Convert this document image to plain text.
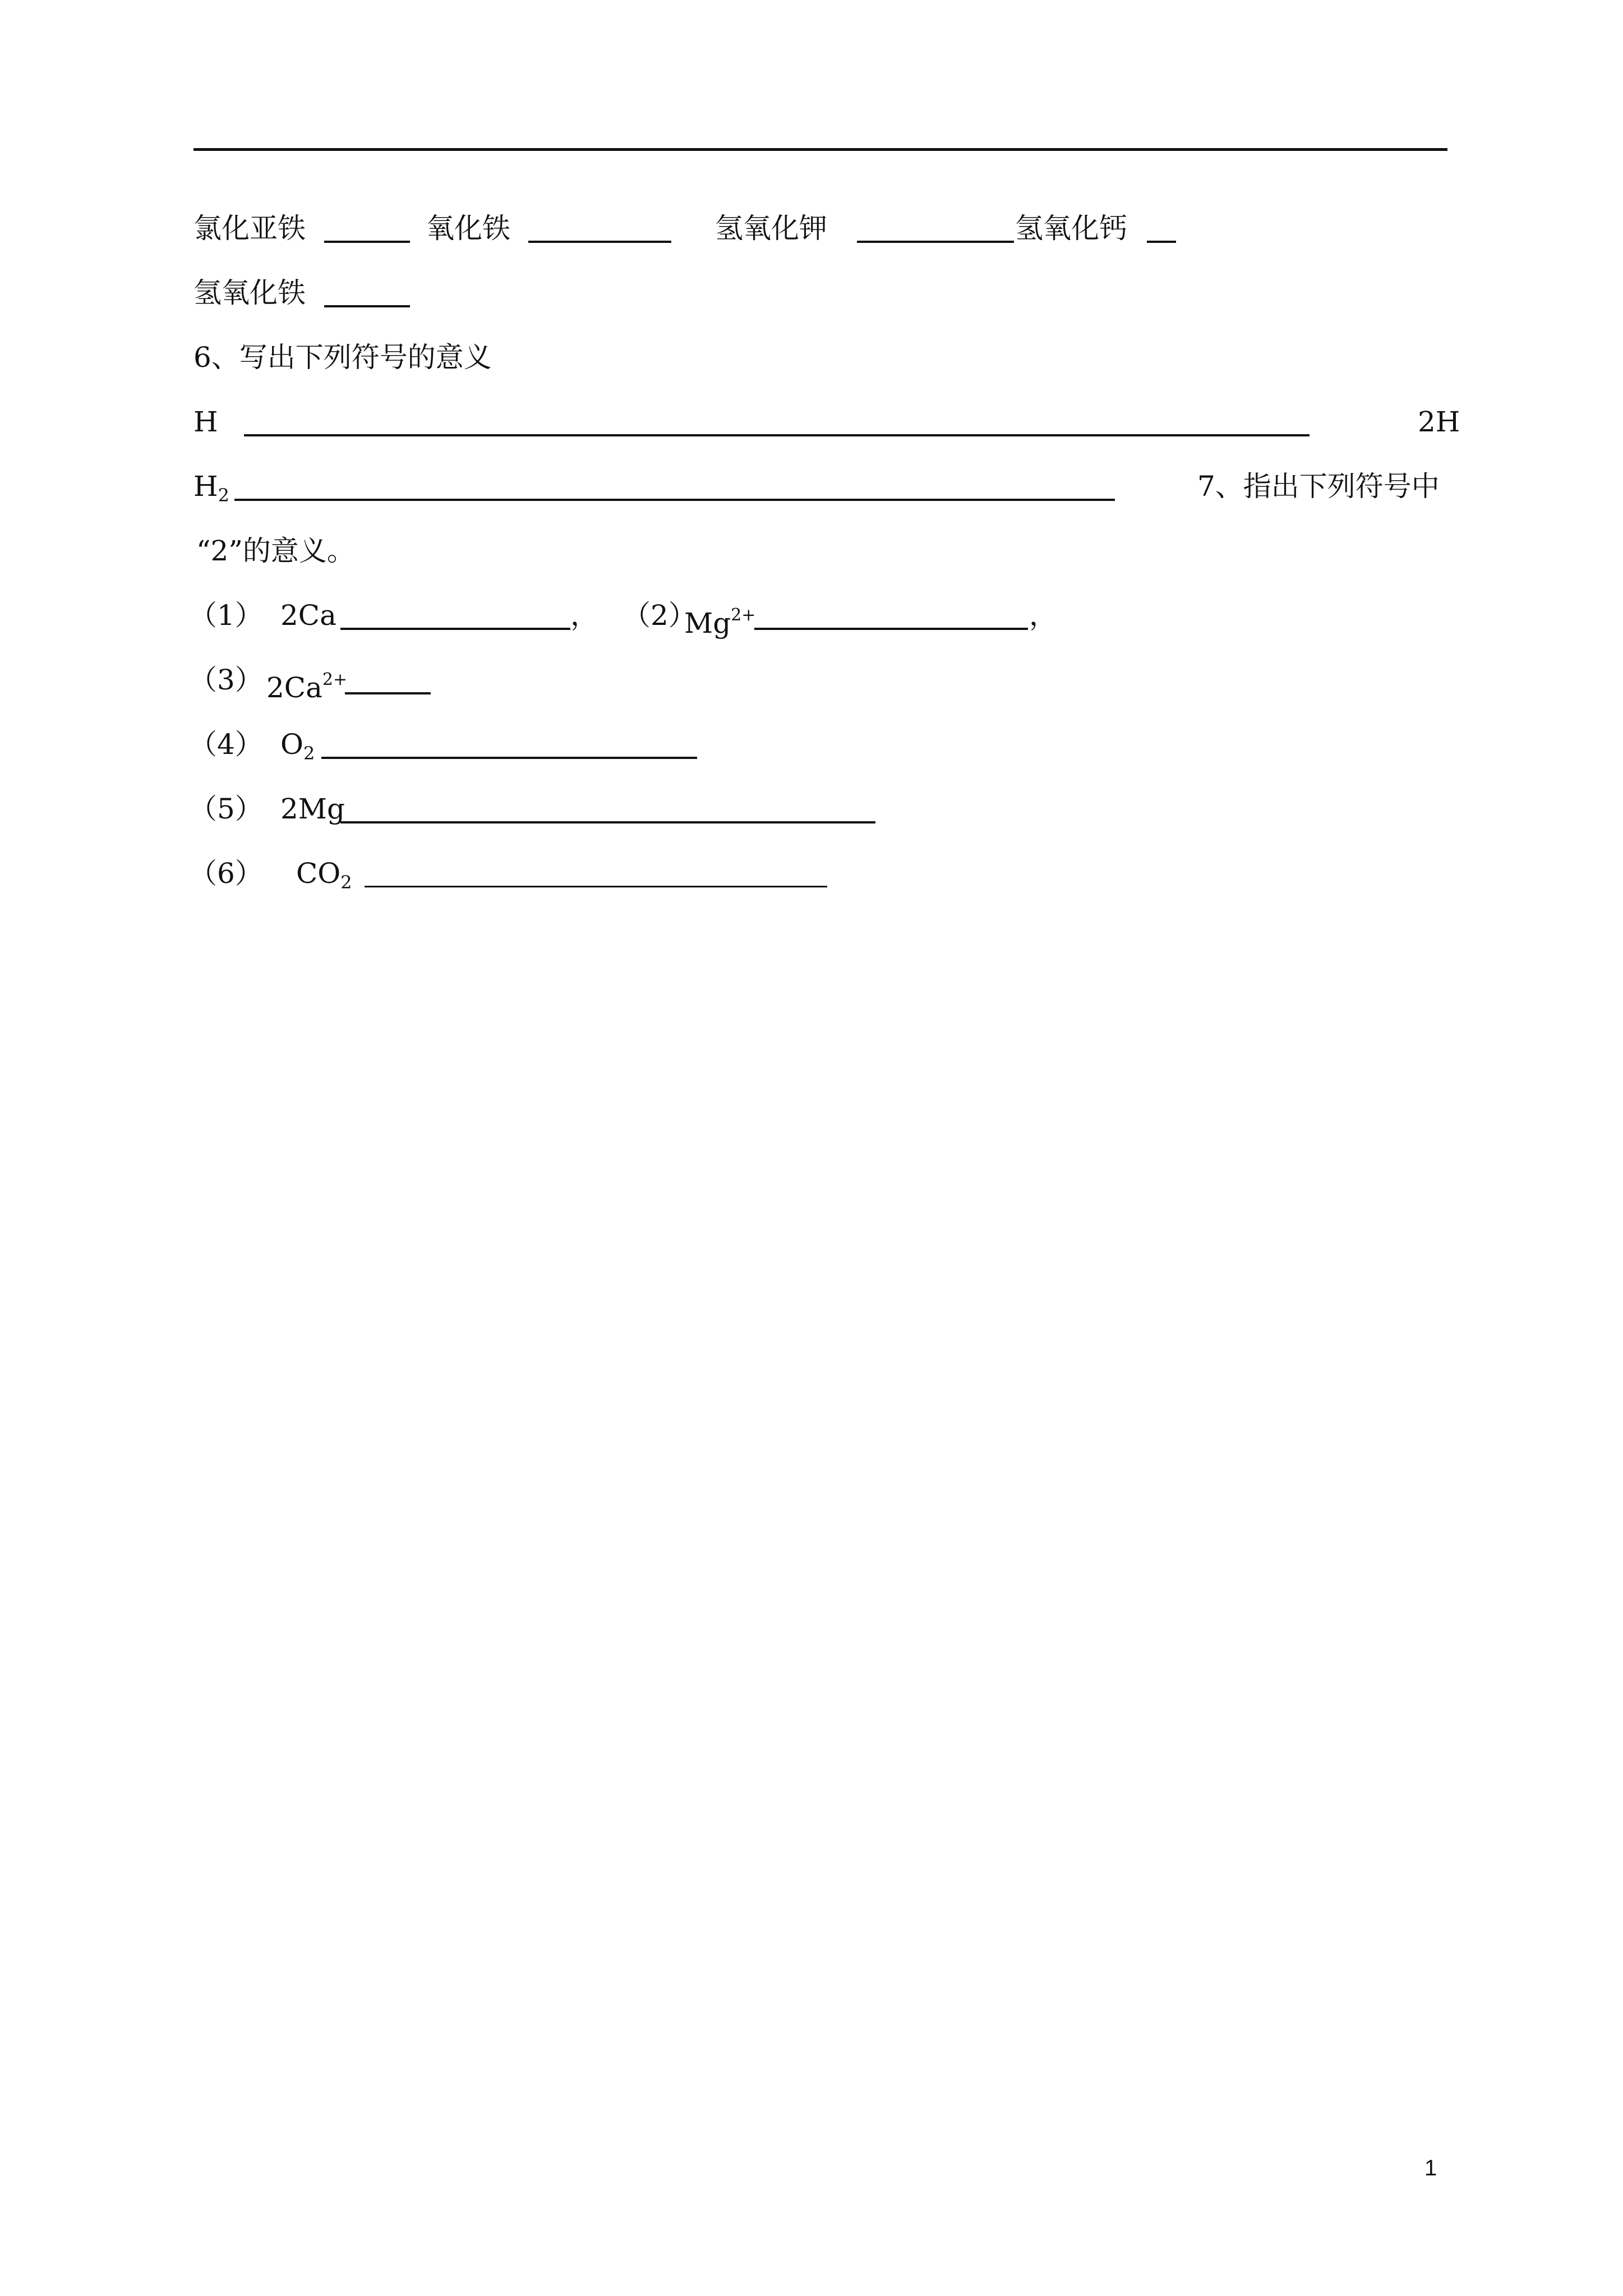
氯化亚铁	氧化铁	氢氧化钾	氢氧化钙
氢氧化铁
6、写出下列符号的意义
H	2H
$H_2$	7、指出下列符号中
“2”的意义。
（1） 2Ca	， （2）
$Mg^{2+}$	，
（3） $2Ca^{2+}$
（4） $O_2$
（5） 2Mg
（6） $CO_2$
1
